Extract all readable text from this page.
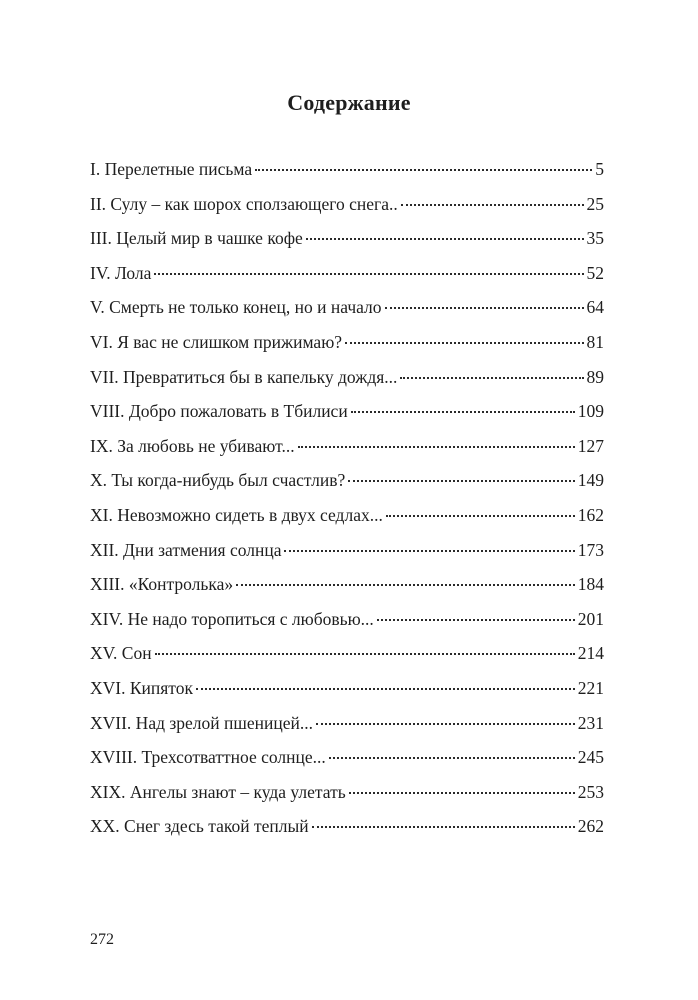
Содержание
I. Перелетные письма	5
II. Сулу – как шорох сползающего снега..	25
III. Целый мир в чашке кофе	35
IV. Лола	52
V. Смерть не только конец, но и начало	64
VI. Я вас не слишком прижимаю?	81
VII. Превратиться бы в капельку дождя...	89
VIII. Добро пожаловать в Тбилиси	109
IX. За любовь не убивают...	127
X. Ты когда-нибудь был счастлив?	149
XI. Невозможно сидеть в двух седлах...	162
XII. Дни затмения солнца	173
XIII. «Контролька»	184
XIV. Не надо торопиться с любовью...	201
XV. Сон	214
XVI. Кипяток	221
XVII. Над зрелой пшеницей...	231
XVIII. Трехсотваттное солнце...	245
XIX. Ангелы знают – куда улетать	253
XX. Снег здесь такой теплый	262
272
